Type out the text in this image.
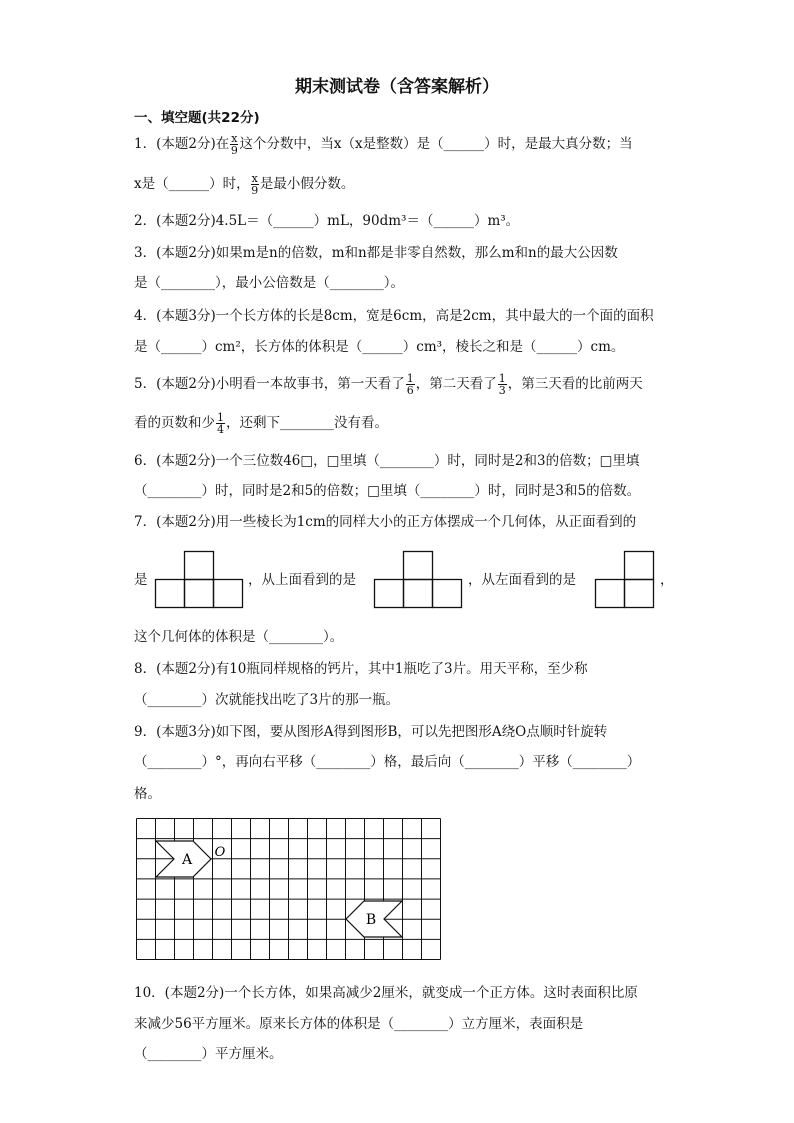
期末测试卷（含答案解析）
一、填空题(共22分)
1．(本题2分)在 $\frac{x}{9}$ 这个分数中，当x（x是整数）是（______）时，是最大真分数；当
x是（______）时， $\frac{x}{9}$ 是最小假分数。
2．(本题2分)4.5L＝（______）mL，90dm³＝（______）m³。
3．(本题2分)如果m是n的倍数，m和n都是非零自然数，那么m和n的最大公因数
是（________），最小公倍数是（________）。
4．(本题3分)一个长方体的长是8cm，宽是6cm，高是2cm，其中最大的一个面的面积
是（______）cm²，长方体的体积是（______）cm³，棱长之和是（______）cm。
5．(本题2分)小明看一本故事书，第一天看了 $\frac{1}{6}$ ，第二天看了 $\frac{1}{3}$ ，第三天看的比前两天
看的页数和少 $\frac{1}{4}$ ，还剩下________没有看。
6．(本题2分)一个三位数46□，□里填（________）时，同时是2和3的倍数；□里填
（________）时，同时是2和5的倍数；□里填（________）时，同时是3和5的倍数。
7．(本题2分)用一些棱长为1cm的同样大小的正方体摆成一个几何体，从正面看到的
是	，从上面看到的是	，从左面看到的是	，
这个几何体的体积是（________）。
8．(本题2分)有10瓶同样规格的钙片，其中1瓶吃了3片。用天平称，至少称
（________）次就能找出吃了3片的那一瓶。
9．(本题3分)如下图，要从图形A得到图形B，可以先把图形A绕O点顺时针旋转
（________）°，再向右平移（________）格，最后向（________）平移（________）
格。
A O
B
10．(本题2分)一个长方体，如果高减少2厘米，就变成一个正方体。这时表面积比原
来减少56平方厘米。原来长方体的体积是（________）立方厘米，表面积是
（________）平方厘米。
